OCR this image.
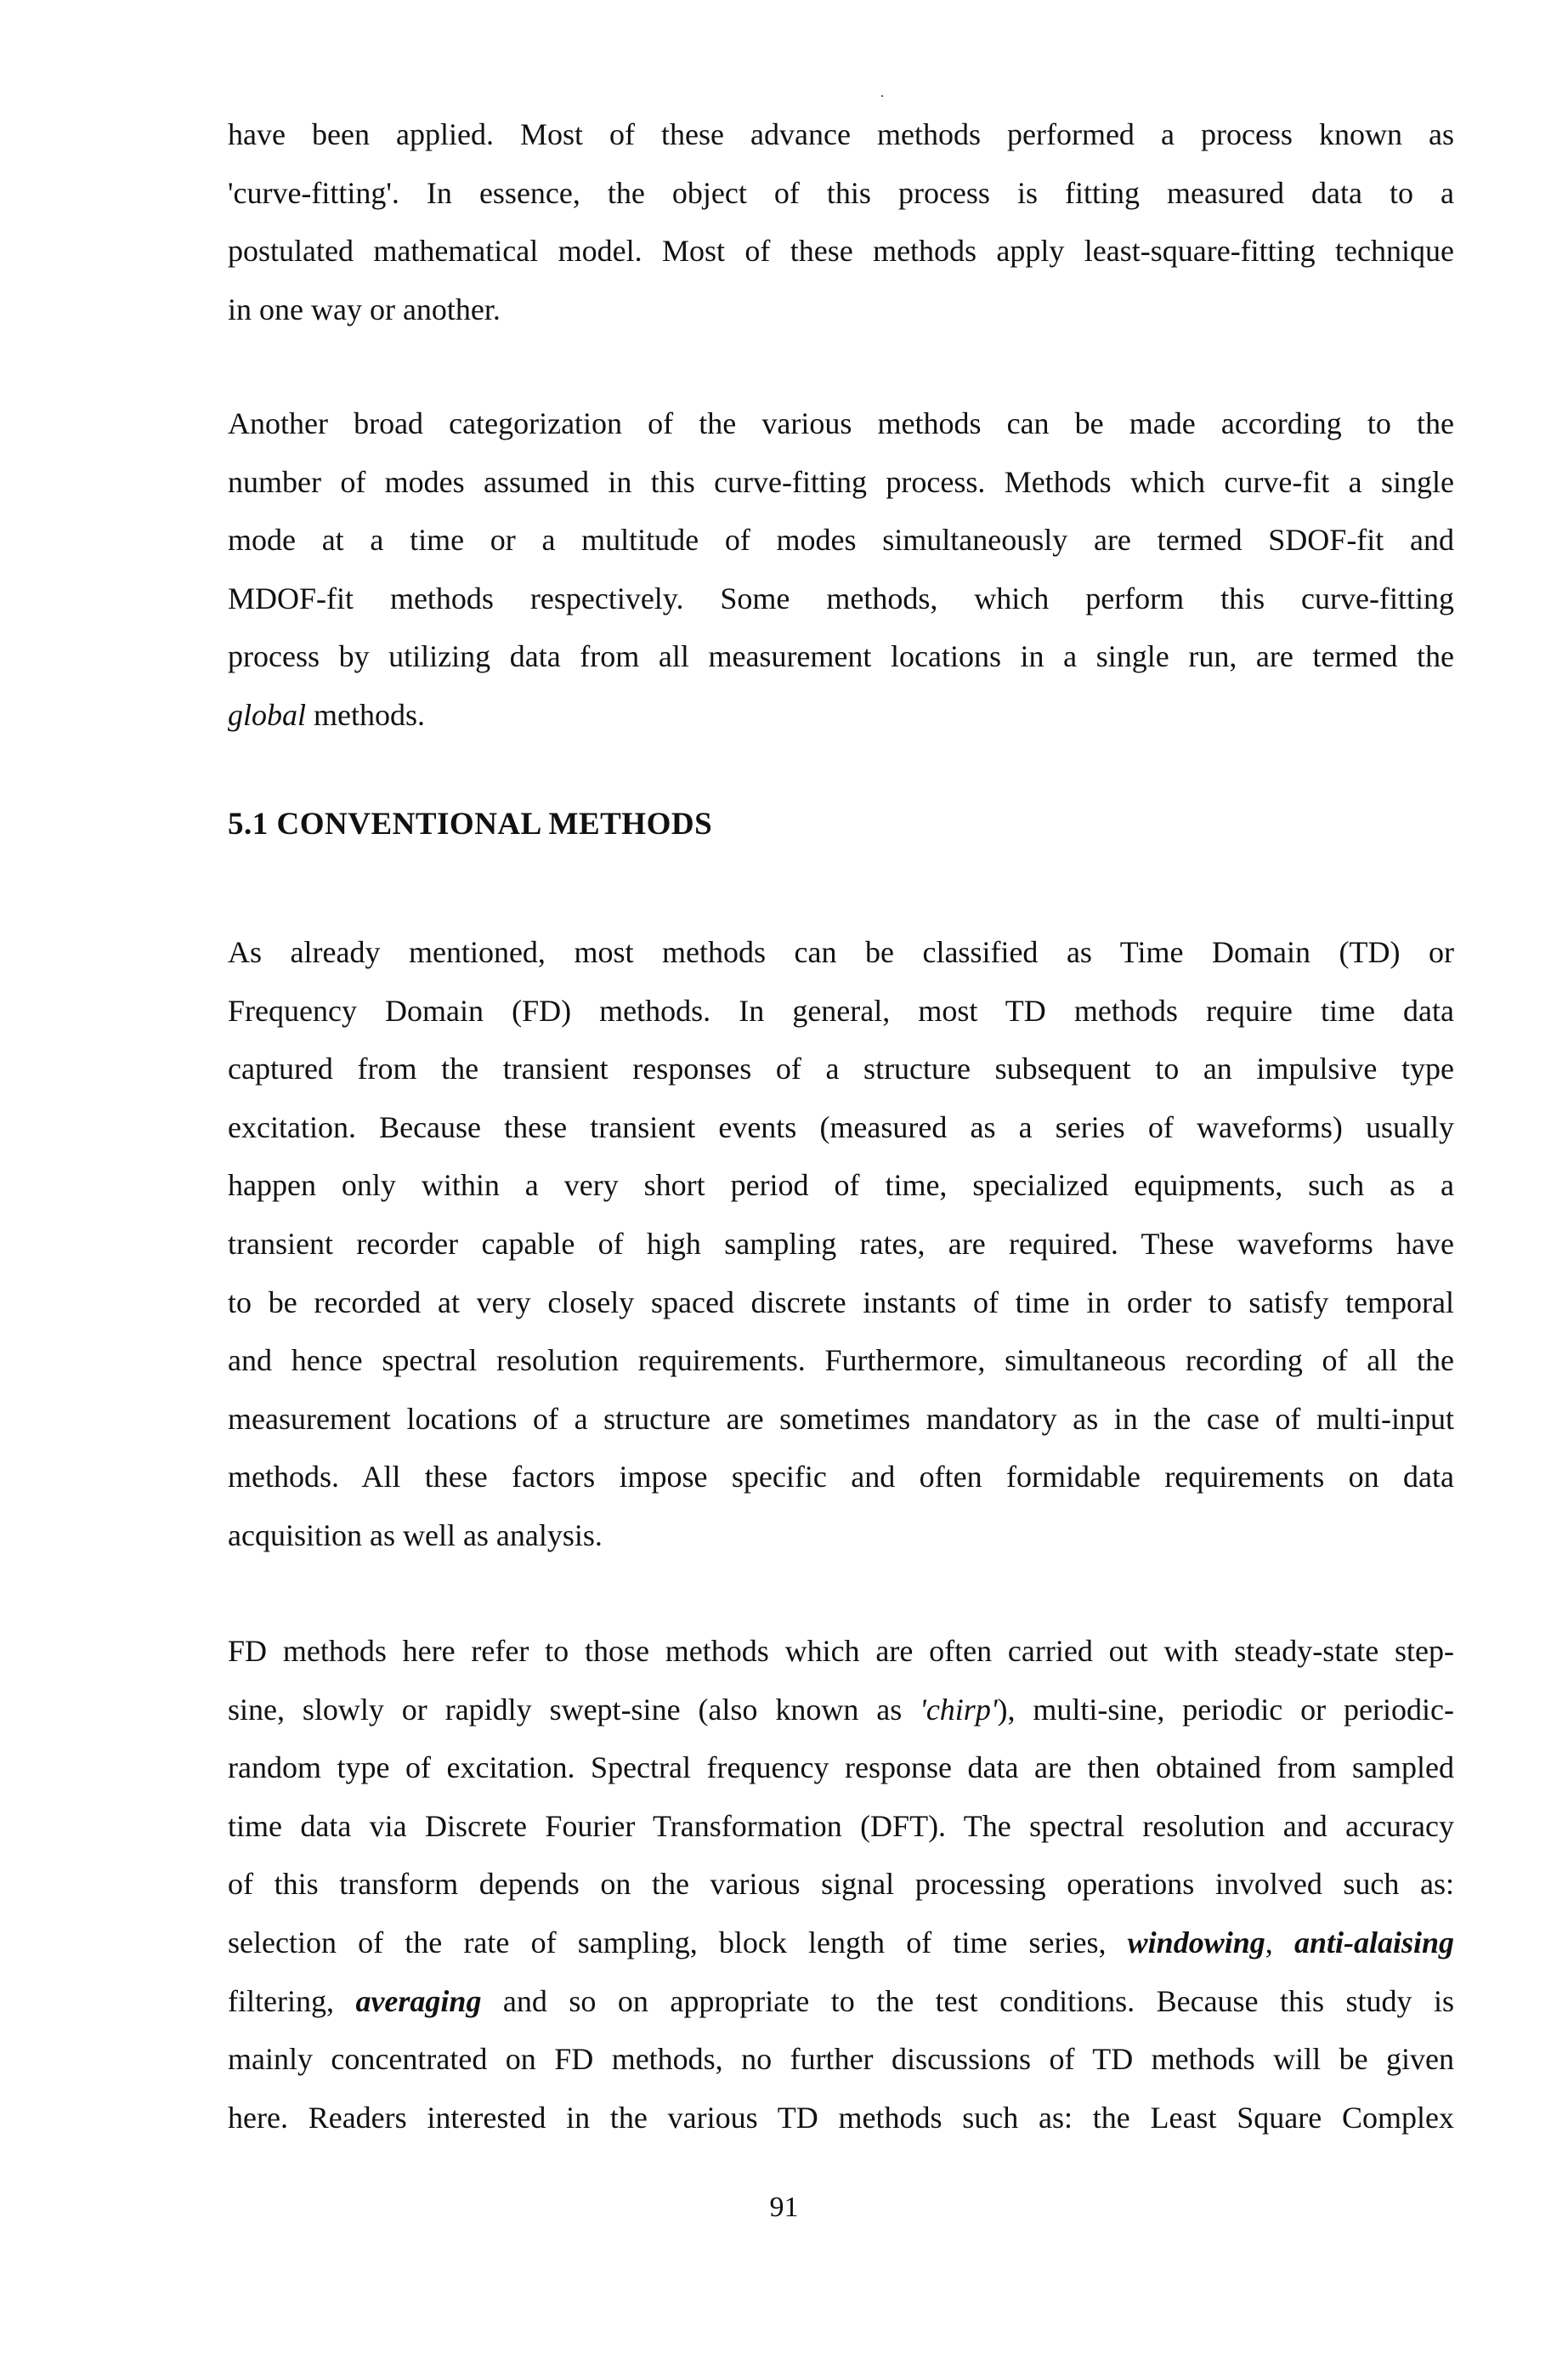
have been applied. Most of these advance methods performed a process known as
'curve-fitting'. In essence, the object of this process is fitting measured data to a
postulated mathematical model. Most of these methods apply least-square-fitting technique
in one way or another.

Another broad categorization of the various methods can be made according to the
number of modes assumed in this curve-fitting process. Methods which curve-fit a single
mode at a time or a multitude of modes simultaneously are termed SDOF-fit and
MDOF-fit methods respectively. Some methods, which perform this curve-fitting
process by utilizing data from all measurement locations in a single run, are termed the
global methods.

5.1 CONVENTIONAL METHODS

As already mentioned, most methods can be classified as Time Domain (TD) or
Frequency Domain (FD) methods. In general, most TD methods require time data
captured from the transient responses of a structure subsequent to an impulsive type
excitation. Because these transient events (measured as a series of waveforms) usually
happen only within a very short period of time, specialized equipments, such as a
transient recorder capable of high sampling rates, are required. These waveforms have
to be recorded at very closely spaced discrete instants of time in order to satisfy temporal
and hence spectral resolution requirements. Furthermore, simultaneous recording of all the
measurement locations of a structure are sometimes mandatory as in the case of multi-input
methods. All these factors impose specific and often formidable requirements on data
acquisition as well as analysis.

FD methods here refer to those methods which are often carried out with steady-state step-
sine, slowly or rapidly swept-sine (also known as 'chirp'), multi-sine, periodic or periodic-
random type of excitation. Spectral frequency response data are then obtained from sampled
time data via Discrete Fourier Transformation (DFT). The spectral resolution and accuracy
of this transform depends on the various signal processing operations involved such as:
selection of the rate of sampling, block length of time series, windowing, anti-alaising
filtering, averaging and so on appropriate to the test conditions. Because this study is
mainly concentrated on FD methods, no further discussions of TD methods will be given
here. Readers interested in the various TD methods such as: the Least Square Complex

91
